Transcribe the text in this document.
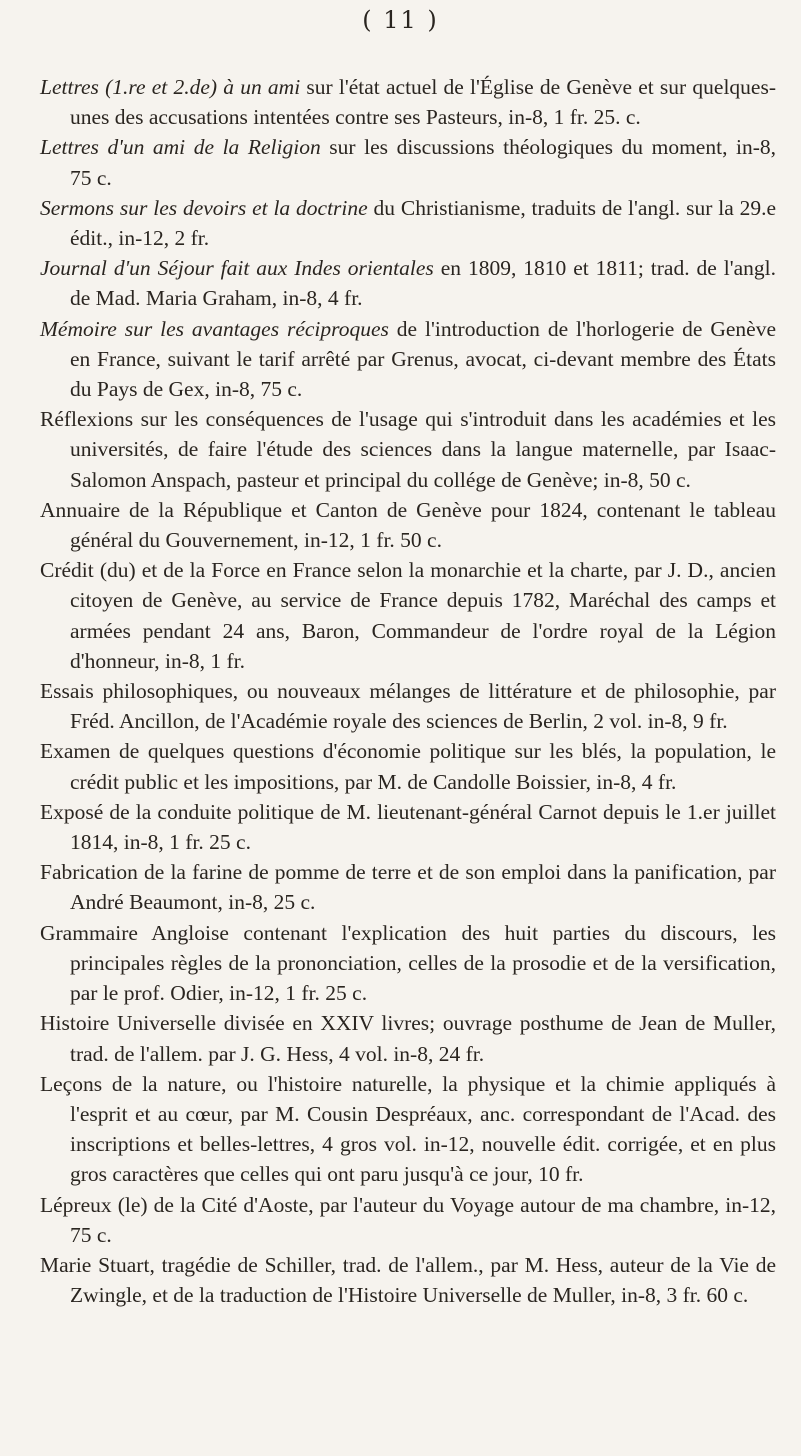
( 11 )

Lettres (1.re et 2.de) à un ami sur l'état actuel de l'Église de Genève et sur quelques-unes des accusations intentées contre ses Pasteurs, in-8, 1 fr. 25. c.

Lettres d'un ami de la Religion sur les discussions théologiques du moment, in-8, 75 c.

Sermons sur les devoirs et la doctrine du Christianisme, traduits de l'angl. sur la 29.e édit., in-12, 2 fr.

Journal d'un Séjour fait aux Indes orientales en 1809, 1810 et 1811; trad. de l'angl. de Mad. Maria Graham, in-8, 4 fr.

Mémoire sur les avantages réciproques de l'introduction de l'horlogerie de Genève en France, suivant le tarif arrêté par Grenus, avocat, ci-devant membre des États du Pays de Gex, in-8, 75 c.

Réflexions sur les conséquences de l'usage qui s'introduit dans les académies et les universités, de faire l'étude des sciences dans la langue maternelle, par Isaac-Salomon Anspach, pasteur et principal du collége de Genève; in-8, 50 c.

Annuaire de la République et Canton de Genève pour 1824, contenant le tableau général du Gouvernement, in-12, 1 fr. 50 c.

Crédit (du) et de la Force en France selon la monarchie et la charte, par J. D., ancien citoyen de Genève, au service de France depuis 1782, Maréchal des camps et armées pendant 24 ans, Baron, Commandeur de l'ordre royal de la Légion d'honneur, in-8, 1 fr.

Essais philosophiques, ou nouveaux mélanges de littérature et de philosophie, par Fréd. Ancillon, de l'Académie royale des sciences de Berlin, 2 vol. in-8, 9 fr.

Examen de quelques questions d'économie politique sur les blés, la population, le crédit public et les impositions, par M. de Candolle Boissier, in-8, 4 fr.

Exposé de la conduite politique de M. lieutenant-général Carnot depuis le 1.er juillet 1814, in-8, 1 fr. 25 c.

Fabrication de la farine de pomme de terre et de son emploi dans la panification, par André Beaumont, in-8, 25 c.

Grammaire Angloise contenant l'explication des huit parties du discours, les principales règles de la prononciation, celles de la prosodie et de la versification, par le prof. Odier, in-12, 1 fr. 25 c.

Histoire Universelle divisée en XXIV livres; ouvrage posthume de Jean de Muller, trad. de l'allem. par J. G. Hess, 4 vol. in-8, 24 fr.

Leçons de la nature, ou l'histoire naturelle, la physique et la chimie appliqués à l'esprit et au cœur, par M. Cousin Despréaux, anc. correspondant de l'Acad. des inscriptions et belles-lettres, 4 gros vol. in-12, nouvelle édit. corrigée, et en plus gros caractères que celles qui ont paru jusqu'à ce jour, 10 fr.

Lépreux (le) de la Cité d'Aoste, par l'auteur du Voyage autour de ma chambre, in-12, 75 c.

Marie Stuart, tragédie de Schiller, trad. de l'allem., par M. Hess, auteur de la Vie de Zwingle, et de la traduction de l'Histoire Universelle de Muller, in-8, 3 fr. 60 c.
